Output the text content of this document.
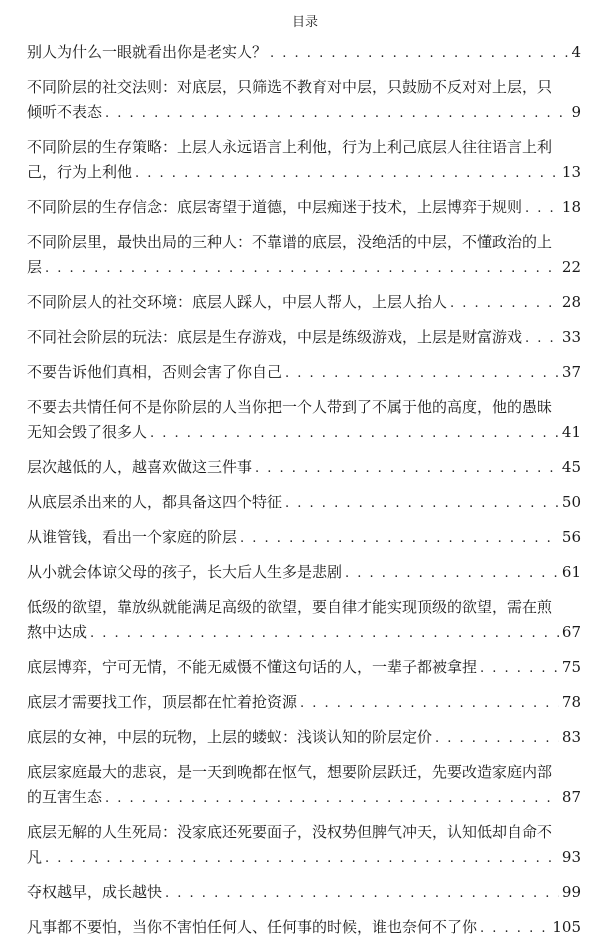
目录
别人为什么一眼就看出你是老实人？ . . .	4
不同阶层的社交法则：对底层，只筛选不教育对中层，只鼓励不反对对上层，只
倾听不表态 . . .	9
不同阶层的生存策略：上层人永远语言上利他，行为上利己底层人往往语言上利
己，行为上利他 . . .	13
不同阶层的生存信念：底层寄望于道德，中层痴迷于技术，上层博弈于规则 . . .	18
不同阶层里，最快出局的三种人：不靠谱的底层，没绝活的中层，不懂政治的上
层 . . .	22
不同阶层人的社交环境：底层人踩人，中层人帮人，上层人抬人 . . .	28
不同社会阶层的玩法：底层是生存游戏，中层是练级游戏，上层是财富游戏 . . .	33
不要告诉他们真相，否则会害了你自己 . . .	37
不要去共情任何不是你阶层的人当你把一个人带到了不属于他的高度，他的愚昧
无知会毁了很多人 . . .	41
层次越低的人，越喜欢做这三件事 . . .	45
从底层杀出来的人，都具备这四个特征 . . .	50
从谁管钱，看出一个家庭的阶层 . . .	56
从小就会体谅父母的孩子，长大后人生多是悲剧 . . .	61
低级的欲望，靠放纵就能满足高级的欲望，要自律才能实现顶级的欲望，需在煎
熬中达成 . . .	67
底层博弈，宁可无情，不能无威慑不懂这句话的人，一辈子都被拿捏 . . .	75
底层才需要找工作，顶层都在忙着抢资源 . . .	78
底层的女神，中层的玩物，上层的蝼蚁：浅谈认知的阶层定价 . . .	83
底层家庭最大的悲哀，是一天到晚都在怄气，想要阶层跃迁，先要改造家庭内部
的互害生态 . . .	87
底层无解的人生死局：没家底还死要面子，没权势但脾气冲天，认知低却自命不
凡 . . .	93
夺权越早，成长越快 . . .	99
凡事都不要怕，当你不害怕任何人、任何事的时候，谁也奈何不了你 . . .	105
